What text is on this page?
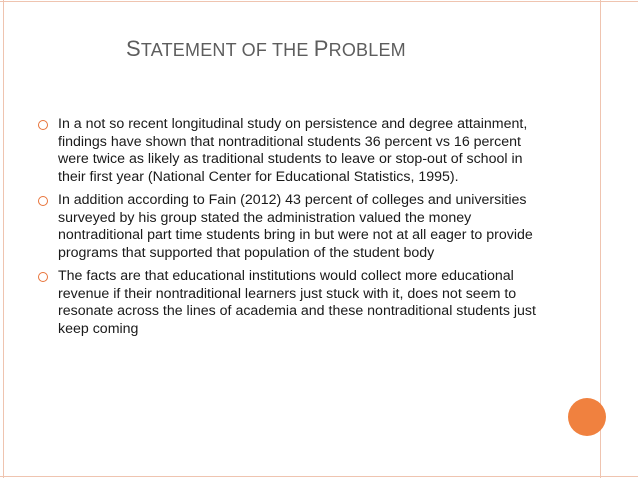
STATEMENT OF THE PROBLEM
In a not so recent longitudinal study on persistence and degree attainment, findings have shown that nontraditional students 36 percent vs 16 percent were twice as likely as traditional students to leave or stop-out of school in their first year (National Center for Educational Statistics, 1995).
In addition according to Fain (2012) 43 percent of colleges and universities surveyed by his group stated the administration valued the money nontraditional part time students bring in but were not at all eager to provide programs that supported that population of the student body
The facts are that educational institutions would collect more educational revenue if their nontraditional learners just stuck with it, does not seem to resonate across the lines of academia and these nontraditional students just keep coming
